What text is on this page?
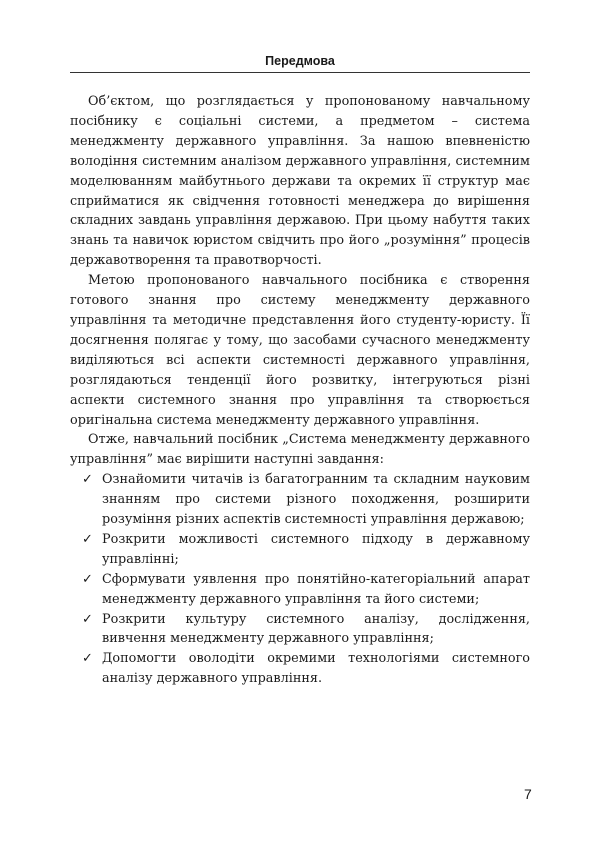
Передмова

Об’єктом, що розглядається у пропонованому навчальному посібнику є соціальні системи, а предметом – система менеджменту державного управління. За нашою впевненістю володіння системним аналізом державного управління, системним моделюванням майбутнього держави та окремих її структур має сприйматися як свідчення готовності менеджера до вирішення складних завдань управління державою. При цьому набуття таких знань та навичок юристом свідчить про його „розуміння” процесів державотворення та правотворчості.

Метою пропонованого навчального посібника є створення готового знання про систему менеджменту державного управління та методичне представлення його студенту-юристу. Її досягнення полягає у тому, що засобами сучасного менеджменту виділяються всі аспекти системності державного управління, розглядаються тенденції його розвитку, інтегруються різні аспекти системного знання про управління та створюється оригінальна система менеджменту державного управління.

Отже, навчальний посібник „Система менеджменту державного управління” має вирішити наступні завдання:

✓ Ознайомити читачів із багатогранним та складним науковим знанням про системи різного походження, розширити розуміння різних аспектів системності управління державою;
✓ Розкрити можливості системного підходу в державному управлінні;
✓ Сформувати уявлення про понятійно-категоріальний апарат менеджменту державного управління та його системи;
✓ Розкрити культуру системного аналізу, дослідження, вивчення менеджменту державного управління;
✓ Допомогти оволодіти окремими технологіями системного аналізу державного управління.
7
